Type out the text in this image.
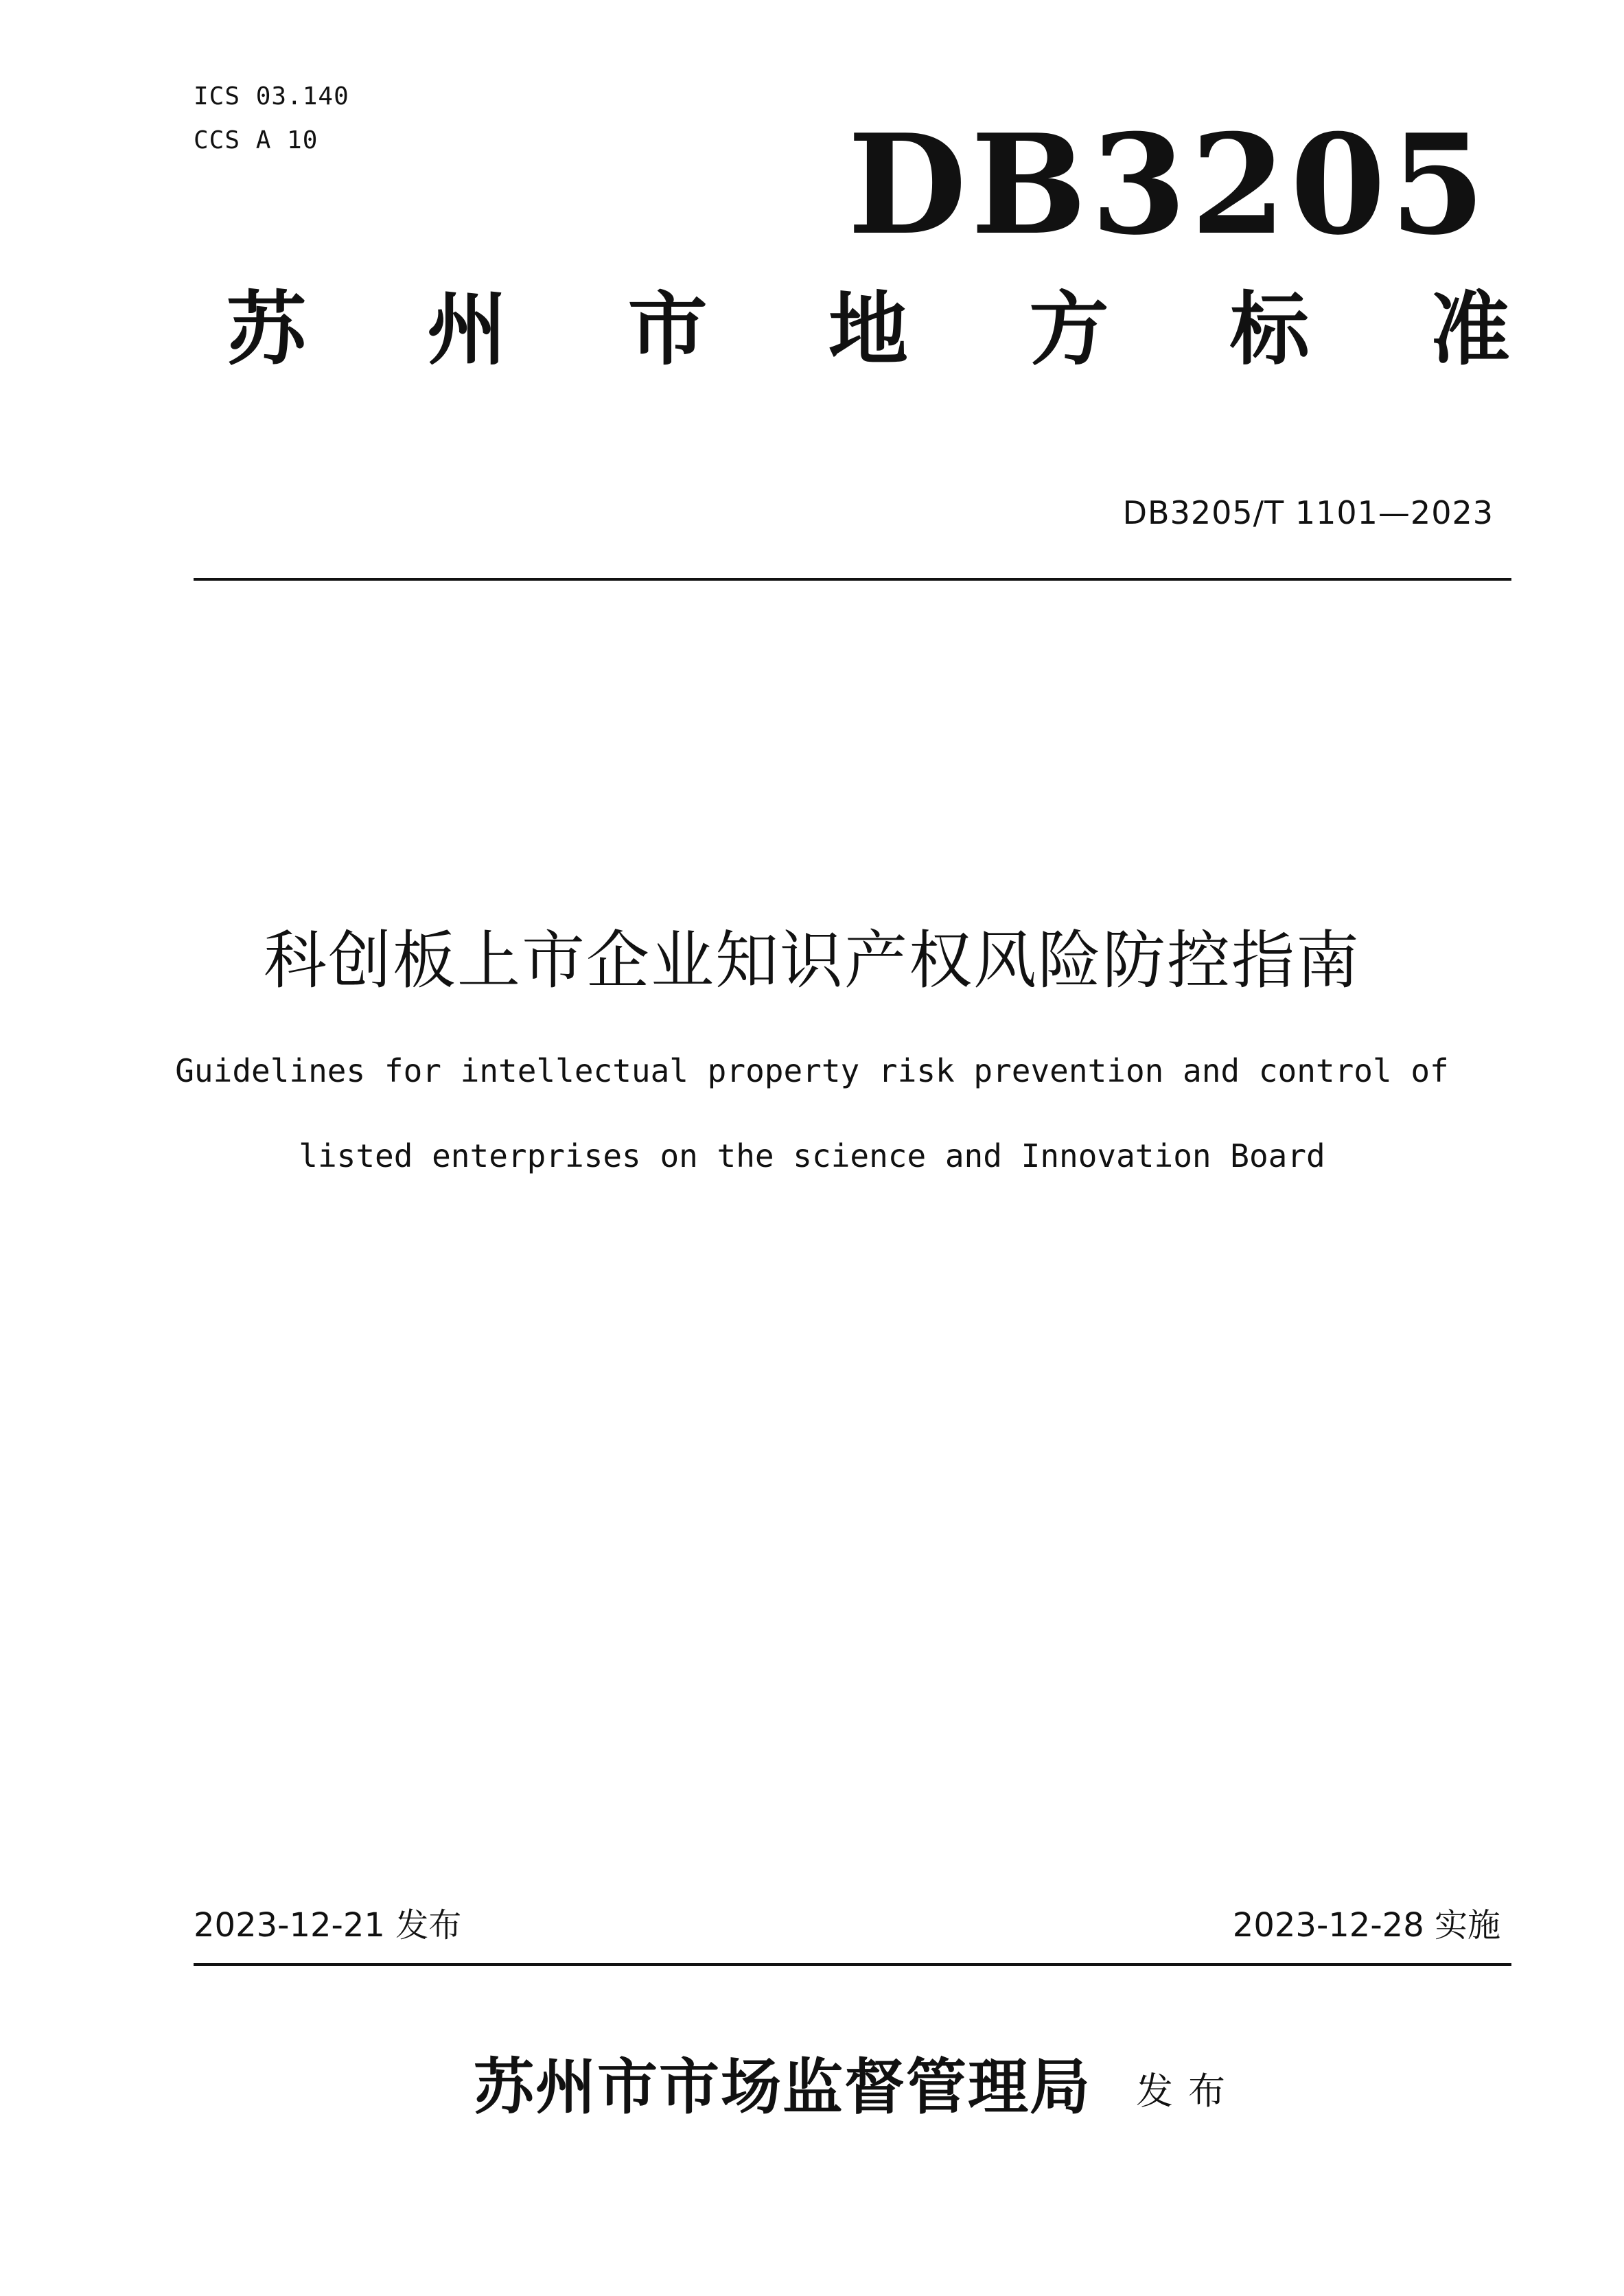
ICS 03.140
CCS A 10	DB3205
苏 州 市 地 方 标 准
DB3205/T 1101—2023
科创板上市企业知识产权风险防控指南
Guidelines for intellectual property risk prevention and control of
listed enterprises on the science and Innovation Board
2023-12-21 发布	2023-12-28 实施
苏州市市场监督管理局 发布
